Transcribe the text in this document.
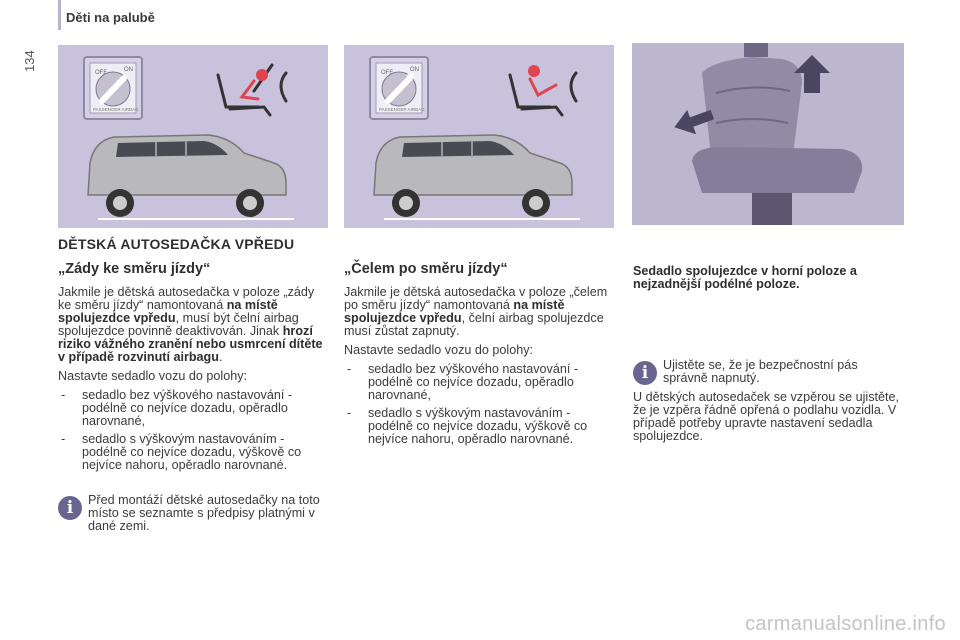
134
Děti na palubě
OFF	ON
PASSENGER AIRBAG
OFF	ON
PASSENGER AIRBAG
DĚTSKÁ AUTOSEDAČKA VPŘEDU
„Zády ke směru jízdy“

Jakmile je dětská autosedačka v poloze „zády ke směru jízdy“ namontovaná na místě spolujezdce vpředu, musí být čelní airbag spolujezdce povinně deaktivován. Jinak hrozí riziko vážného zranění nebo usmrcení dítěte v případě rozvinutí airbagu.

Nastavte sedadlo vozu do polohy:

- sedadlo bez výškového nastavování - podélně co nejvíce dozadu, opěradlo narovnané,
- sedadlo s výškovým nastavováním - podélně co nejvíce dozadu, výškově co nejvíce nahoru, opěradlo narovnané.
i	Před montáží dětské autosedačky na toto místo se seznamte s předpisy platnými v dané zemi.
„Čelem po směru jízdy“

Jakmile je dětská autosedačka v poloze „čelem po směru jízdy“ namontovaná na místě spolujezdce vpředu, čelní airbag spolujezdce musí zůstat zapnutý.

Nastavte sedadlo vozu do polohy:

- sedadlo bez výškového nastavování - podélně co nejvíce dozadu, opěradlo narovnané,
- sedadlo s výškovým nastavováním - podélně co nejvíce dozadu, výškově co nejvíce nahoru, opěradlo narovnané.

Sedadlo spolujezdce v horní poloze a nejzadnější podélné poloze.

i	Ujistěte se, že je bezpečnostní pás správně napnutý.

U dětských autosedaček se vzpěrou se ujistěte, že je vzpěra řádně opřená o podlahu vozidla. V případě potřeby upravte nastavení sedadla spolujezdce.

carmanualsonline.info
